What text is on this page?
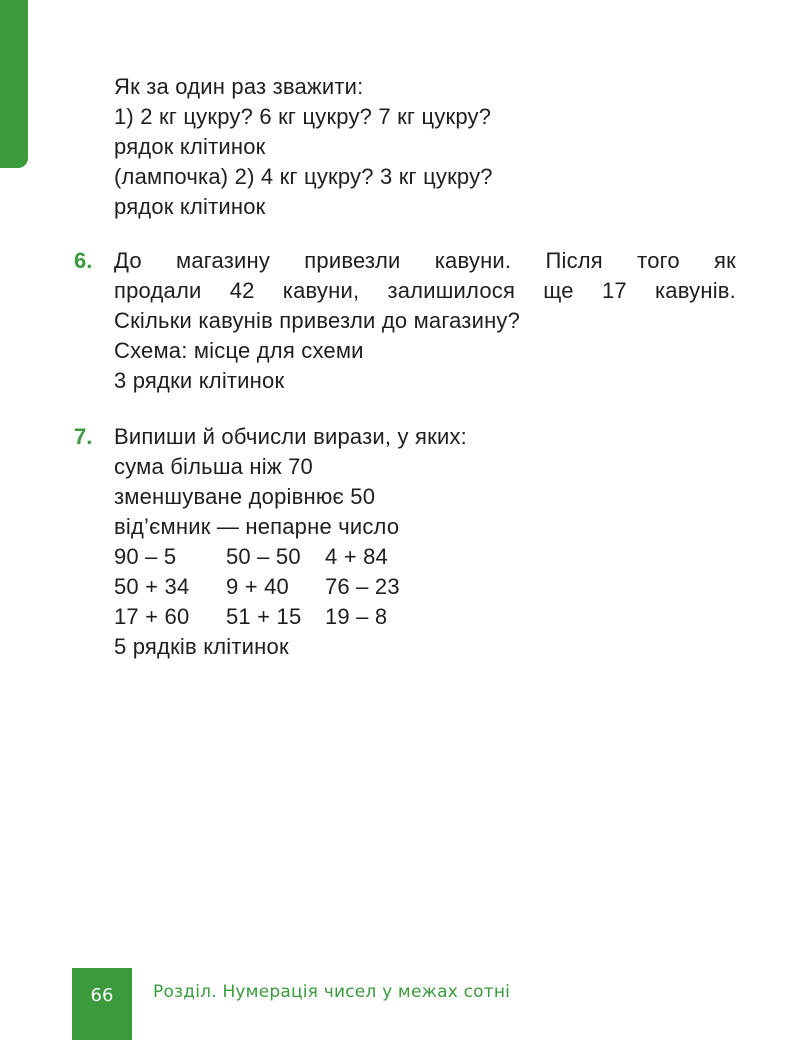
Як за один раз зважити:
1) 2 кг цукру? 6 кг цукру? 7 кг цукру?
рядок клітинок
(лампочка) 2) 4 кг цукру? 3 кг цукру?
рядок клітинок
6. До магазину привезли кавуни. Після того як
продали 42 кавуни, залишилося ще 17 кавунів.
Скільки кавунів привезли до магазину?
Схема: місце для схеми
3 рядки клітинок
7. Випиши й обчисли вирази, у яких:
сума більша ніж 70
зменшуване дорівнює 50
від’ємник — непарне число
90 – 5 50 – 50 4 + 84
50 + 34 9 + 40 76 – 23
17 + 60 51 + 15 19 – 8
5 рядків клітинок
66	Розділ. Нумерація чисел у межах сотні
